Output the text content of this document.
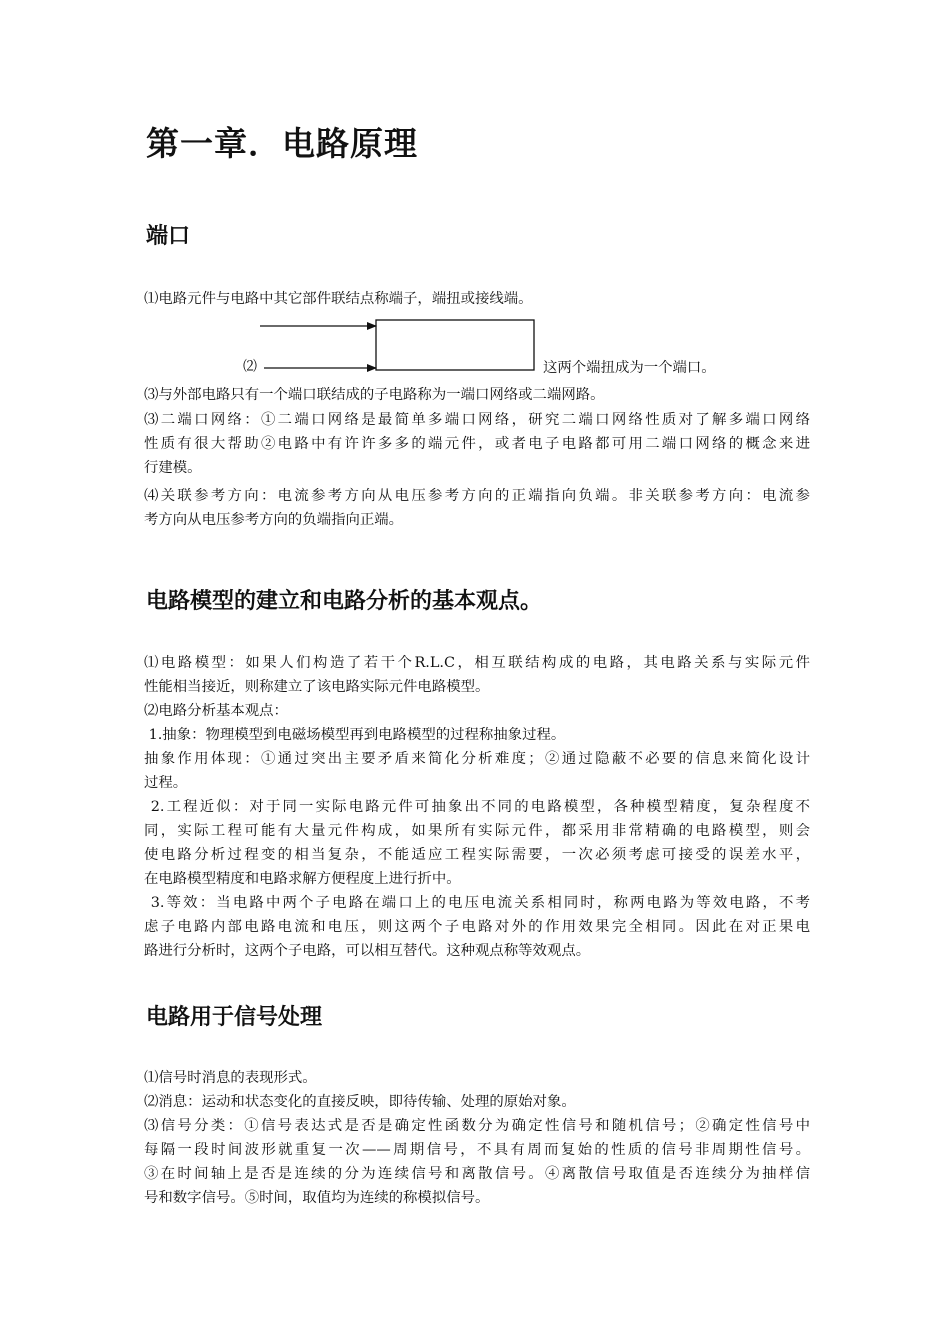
第一章．电路原理
端口

⑴电路元件与电路中其它部件联结点称端子，端扭或接线端。

⑵	这两个端扭成为一个端口。

⑶与外部电路只有一个端口联结成的子电路称为一端口网络或二端网路。

⑶二端口网络：①二端口网络是最简单多端口网络，研究二端口网络性质对了解多端口网络
性质有很大帮助②电路中有许许多多的端元件，或者电子电路都可用二端口网络的概念来进
行建模。

⑷关联参考方向：电流参考方向从电压参考方向的正端指向负端。非关联参考方向：电流参
考方向从电压参考方向的负端指向正端。

电路模型的建立和电路分析的基本观点。

⑴电路模型：如果人们构造了若干个R.L.C，相互联结构成的电路，其电路关系与实际元件
性能相当接近，则称建立了该电路实际元件电路模型。
⑵电路分析基本观点：
1.抽象：物理模型到电磁场模型再到电路模型的过程称抽象过程。
抽象作用体现：①通过突出主要矛盾来简化分析难度；②通过隐蔽不必要的信息来简化设计
过程。
2.工程近似：对于同一实际电路元件可抽象出不同的电路模型，各种模型精度，复杂程度不
同，实际工程可能有大量元件构成，如果所有实际元件，都采用非常精确的电路模型，则会
使电路分析过程变的相当复杂，不能适应工程实际需要，一次必须考虑可接受的误差水平，
在电路模型精度和电路求解方便程度上进行折中。
3.等效：当电路中两个子电路在端口上的电压电流关系相同时，称两电路为等效电路，不考
虑子电路内部电路电流和电压，则这两个子电路对外的作用效果完全相同。因此在对正果电
路进行分析时，这两个子电路，可以相互替代。这种观点称等效观点。

电路用于信号处理

⑴信号时消息的表现形式。
⑵消息：运动和状态变化的直接反映，即待传输、处理的原始对象。
⑶信号分类：①信号表达式是否是确定性函数分为确定性信号和随机信号；②确定性信号中
每隔一段时间波形就重复一次——周期信号，不具有周而复始的性质的信号非周期性信号。
③在时间轴上是否是连续的分为连续信号和离散信号。④离散信号取值是否连续分为抽样信
号和数字信号。⑤时间，取值均为连续的称模拟信号。
